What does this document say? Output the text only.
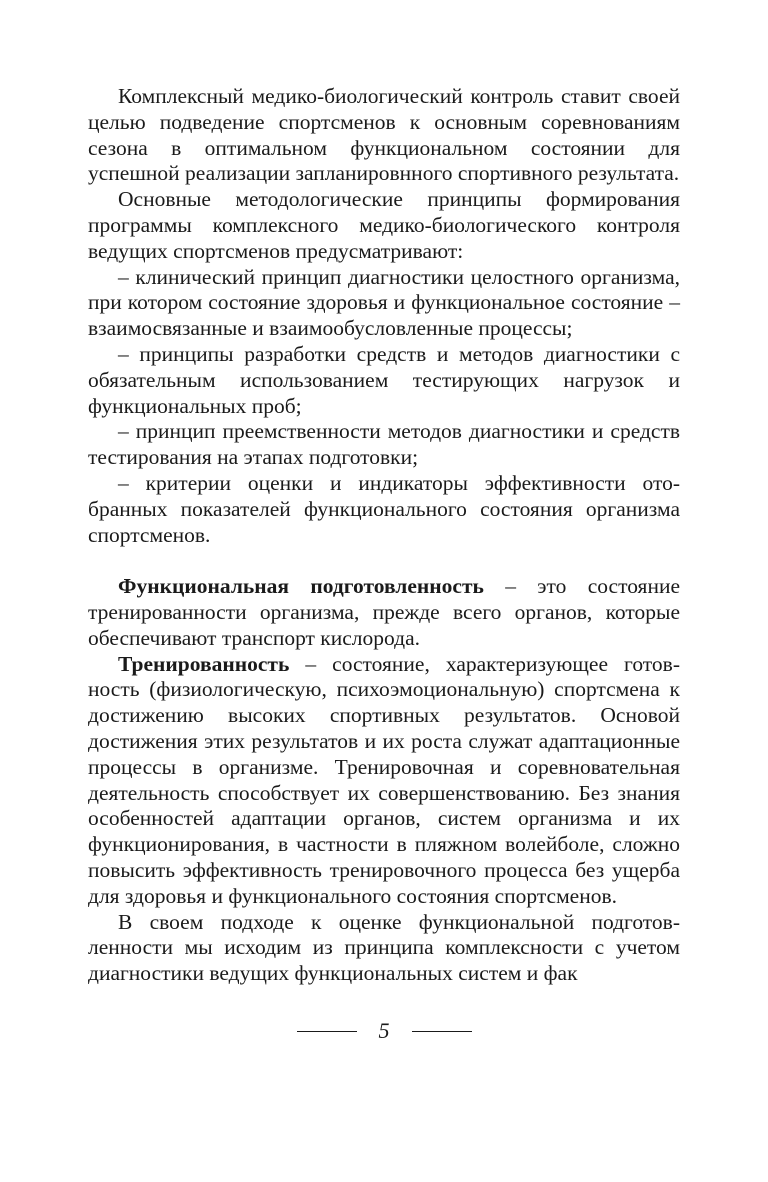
Комплексный медико-биологический контроль ставит своей целью подведение спортсменов к основным соревнованиям сезона в оптимальном функциональном состоянии для успешной реализации запланировнного спортивного результата.

Основные методологические принципы формирования программы комплексного медико-биологического контроля ведущих спортсменов предусматривают:

– клинический принцип диагностики целостного организма, при котором состояние здоровья и функциональное состояние – взаимосвязанные и взаимообусловленные процессы;

– принципы разработки средств и методов диагностики с обязательным использованием тестирующих нагрузок и функциональных проб;

– принцип преемственности методов диагностики и средств тестирования на этапах подготовки;

– критерии оценки и индикаторы эффективности отобранных показателей функционального состояния организма спортсменов.

Функциональная подготовленность – это состояние тренированности организма, прежде всего органов, которые обеспечивают транспорт кислорода.

Тренированность – состояние, характеризующее готовность (физиологическую, психоэмоциональную) спортсмена к достижению высоких спортивных результатов. Основой достижения этих результатов и их роста служат адаптационные процессы в организме. Тренировочная и соревновательная деятельность способствует их совершенствованию. Без знания особенностей адаптации органов, систем организма и их функционирования, в частности в пляжном волейболе, сложно повысить эффективность тренировочного процесса без ущерба для здоровья и функционального состояния спортсменов.

В своем подходе к оценке функциональной подготовленности мы исходим из принципа комплексности с учетом диагностики ведущих функциональных систем и фак

5
